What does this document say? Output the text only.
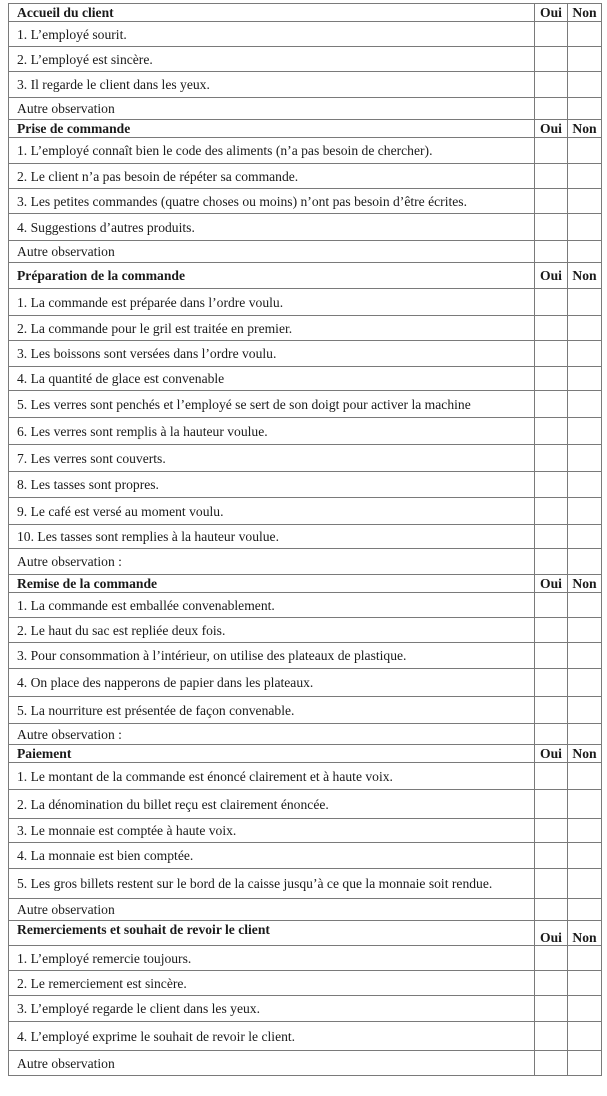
Accueil du client	Oui	Non
1. L’employé sourit.		
2. L’employé est sincère.		
3. Il regarde le client dans les yeux.		
Autre observation		
Prise de commande	Oui	Non
1. L’employé connaît bien le code des aliments (n’a pas besoin de chercher).		
2. Le client n’a pas besoin de répéter sa commande.		
3. Les petites commandes (quatre choses ou moins) n’ont pas besoin d’être écrites.		
4. Suggestions d’autres produits.		
Autre observation		
Préparation de la commande	Oui	Non
1. La commande est préparée dans l’ordre voulu.		
2. La commande pour le gril est traitée en premier.		
3. Les boissons sont versées dans l’ordre voulu.		
4. La quantité de glace est convenable		
5. Les verres sont penchés et l’employé se sert de son doigt pour activer la machine		
6. Les verres sont remplis à la hauteur voulue.		
7. Les verres sont couverts.		
8. Les tasses sont propres.		
9. Le café est versé au moment voulu.		
10. Les tasses sont remplies à la hauteur voulue.		
Autre observation :		
Remise de la commande	Oui	Non
1. La commande est emballée convenablement.		
2. Le haut du sac est repliée deux fois.		
3. Pour consommation à l’intérieur, on utilise des plateaux de plastique.		
4. On place des napperons de papier dans les plateaux.		
5. La nourriture est présentée de façon convenable.		
Autre observation :		
Paiement	Oui	Non
1. Le montant de la commande est énoncé clairement et à haute voix.		
2. La dénomination du billet reçu est clairement énoncée.		
3. Le monnaie est comptée à haute voix.		
4. La monnaie est bien comptée.		
5. Les gros billets restent sur le bord de la caisse jusqu’à ce que la monnaie soit rendue.		
Autre observation		
Remerciements et souhait de revoir le client	Oui	Non
1. L’employé remercie toujours.		
2. Le remerciement est sincère.		
3. L’employé regarde le client dans les yeux.		
4. L’employé exprime le souhait de revoir le client.		
Autre observation		
